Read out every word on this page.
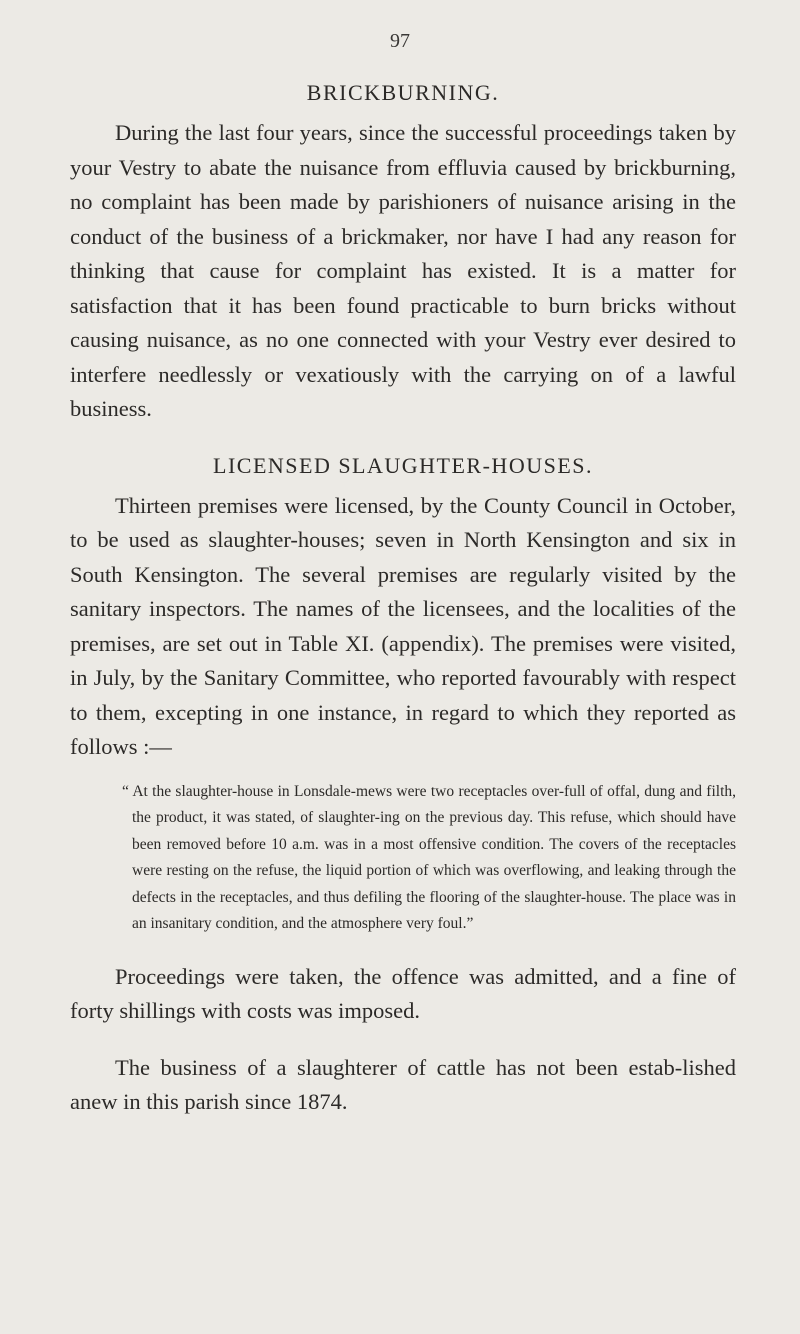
97
BRICKBURNING.

During the last four years, since the successful proceedings taken by your Vestry to abate the nuisance from effluvia caused by brickburning, no complaint has been made by parishioners of nuisance arising in the conduct of the business of a brickmaker, nor have I had any reason for thinking that cause for complaint has existed. It is a matter for satisfaction that it has been found practicable to burn bricks without causing nuisance, as no one connected with your Vestry ever desired to interfere needlessly or vexatiously with the carrying on of a lawful business.

LICENSED SLAUGHTER-HOUSES.

Thirteen premises were licensed, by the County Council in October, to be used as slaughter-houses; seven in North Kensington and six in South Kensington. The several premises are regularly visited by the sanitary inspectors. The names of the licensees, and the localities of the premises, are set out in Table XI. (appendix). The premises were visited, in July, by the Sanitary Committee, who reported favourably with respect to them, excepting in one instance, in regard to which they reported as follows :—

“ At the slaughter-house in Lonsdale-mews were two receptacles over-full of offal, dung and filth, the product, it was stated, of slaughter-ing on the previous day. This refuse, which should have been removed before 10 a.m. was in a most offensive condition. The covers of the receptacles were resting on the refuse, the liquid portion of which was overflowing, and leaking through the defects in the receptacles, and thus defiling the flooring of the slaughter-house. The place was in an insanitary condition, and the atmosphere very foul.”

Proceedings were taken, the offence was admitted, and a fine of forty shillings with costs was imposed.

The business of a slaughterer of cattle has not been estab-lished anew in this parish since 1874.
